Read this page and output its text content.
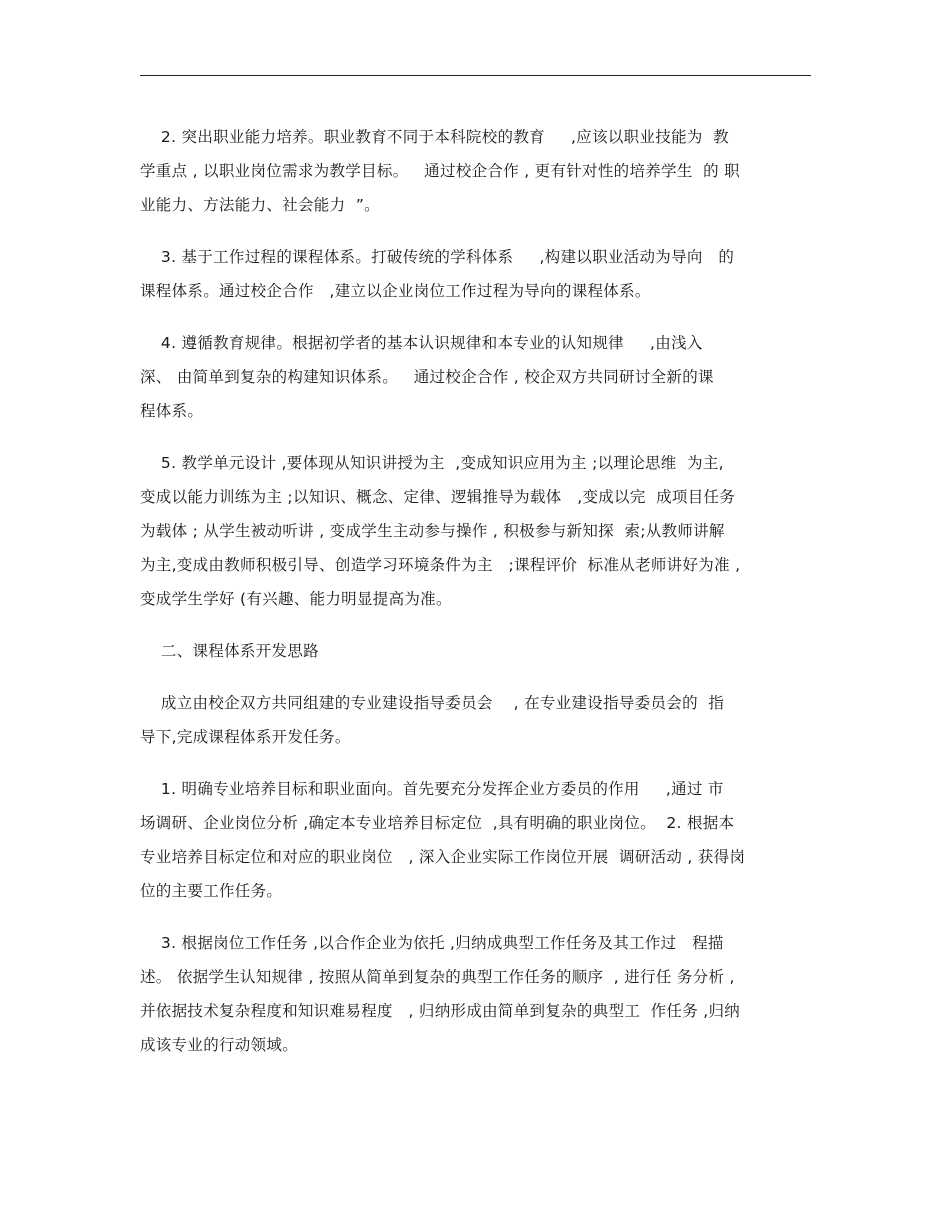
2. 突出职业能力培养。职业教育不同于本科院校的教育     ,应该以职业技能为  教
学重点 , 以职业岗位需求为教学目标。   通过校企合作 , 更有针对性的培养学生  的 职
业能力、方法能力、社会能力  ”。

3. 基于工作过程的课程体系。打破传统的学科体系     ,构建以职业活动为导向   的
课程体系。通过校企合作   ,建立以企业岗位工作过程为导向的课程体系。

4. 遵循教育规律。根据初学者的基本认识规律和本专业的认知规律     ,由浅入
深、 由简单到复杂的构建知识体系。   通过校企合作 , 校企双方共同研讨全新的课
程体系。

5. 教学单元设计 ,要体现从知识讲授为主  ,变成知识应用为主 ;以理论思维  为主,
变成以能力训练为主 ;以知识、概念、定律、逻辑推导为载体   ,变成以完  成项目任务
为载体 ; 从学生被动听讲 , 变成学生主动参与操作 , 积极参与新知探  索;从教师讲解
为主,变成由教师积极引导、创造学习环境条件为主   ;课程评价  标准从老师讲好为准 ,
变成学生学好 (有兴趣、能力明显提高为准。

二、课程体系开发思路

成立由校企双方共同组建的专业建设指导委员会    , 在专业建设指导委员会的  指
导下,完成课程体系开发任务。

1. 明确专业培养目标和职业面向。首先要充分发挥企业方委员的作用     ,通过 市
场调研、企业岗位分析 ,确定本专业培养目标定位  ,具有明确的职业岗位。  2. 根据本
专业培养目标定位和对应的职业岗位   , 深入企业实际工作岗位开展  调研活动 , 获得岗
位的主要工作任务。

3. 根据岗位工作任务 ,以合作企业为依托 ,归纳成典型工作任务及其工作过   程描
述。 依据学生认知规律 , 按照从简单到复杂的典型工作任务的顺序  , 进行任 务分析 ,
并依据技术复杂程度和知识难易程度   , 归纳形成由简单到复杂的典型工  作任务 ,归纳
成该专业的行动领域。
